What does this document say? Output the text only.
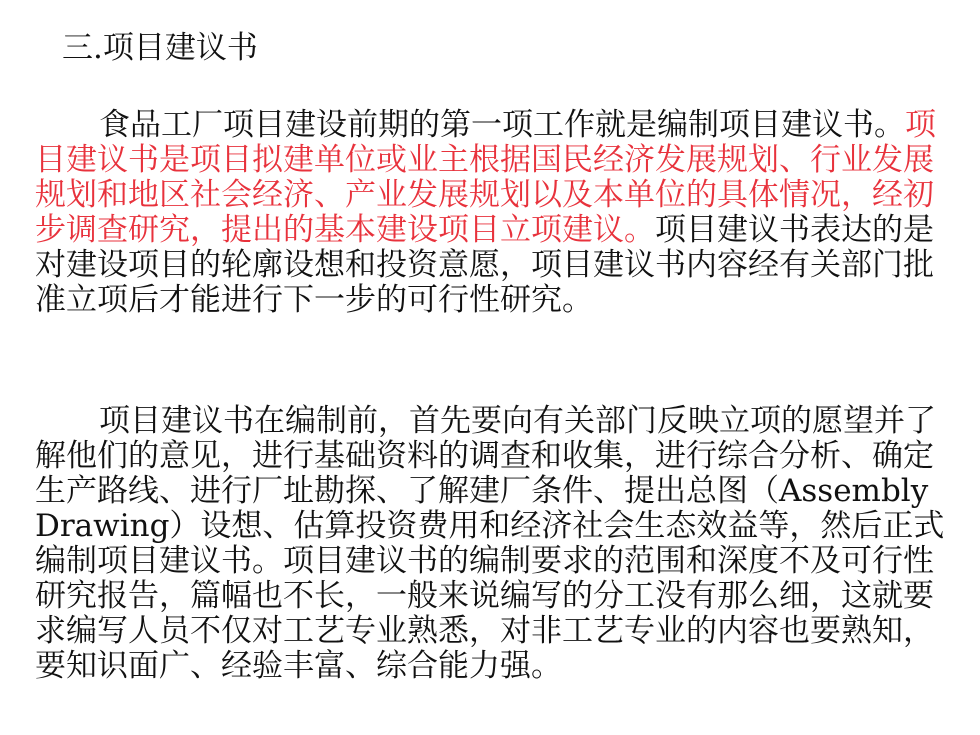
三.项目建议书

食品工厂项目建设前期的第一项工作就是编制项目建议书。项目建议书是项目拟建单位或业主根据国民经济发展规划、行业发展规划和地区社会经济、产业发展规划以及本单位的具体情况，经初步调查研究，提出的基本建设项目立项建议。项目建议书表达的是对建设项目的轮廓设想和投资意愿，项目建议书内容经有关部门批准立项后才能进行下一步的可行性研究。

项目建议书在编制前，首先要向有关部门反映立项的愿望并了解他们的意见，进行基础资料的调查和收集，进行综合分析、确定生产路线、进行厂址勘探、了解建厂条件、提出总图（Assembly Drawing）设想、估算投资费用和经济社会生态效益等，然后正式编制项目建议书。项目建议书的编制要求的范围和深度不及可行性研究报告，篇幅也不长，一般来说编写的分工没有那么细，这就要求编写人员不仅对工艺专业熟悉，对非工艺专业的内容也要熟知，要知识面广、经验丰富、综合能力强。
